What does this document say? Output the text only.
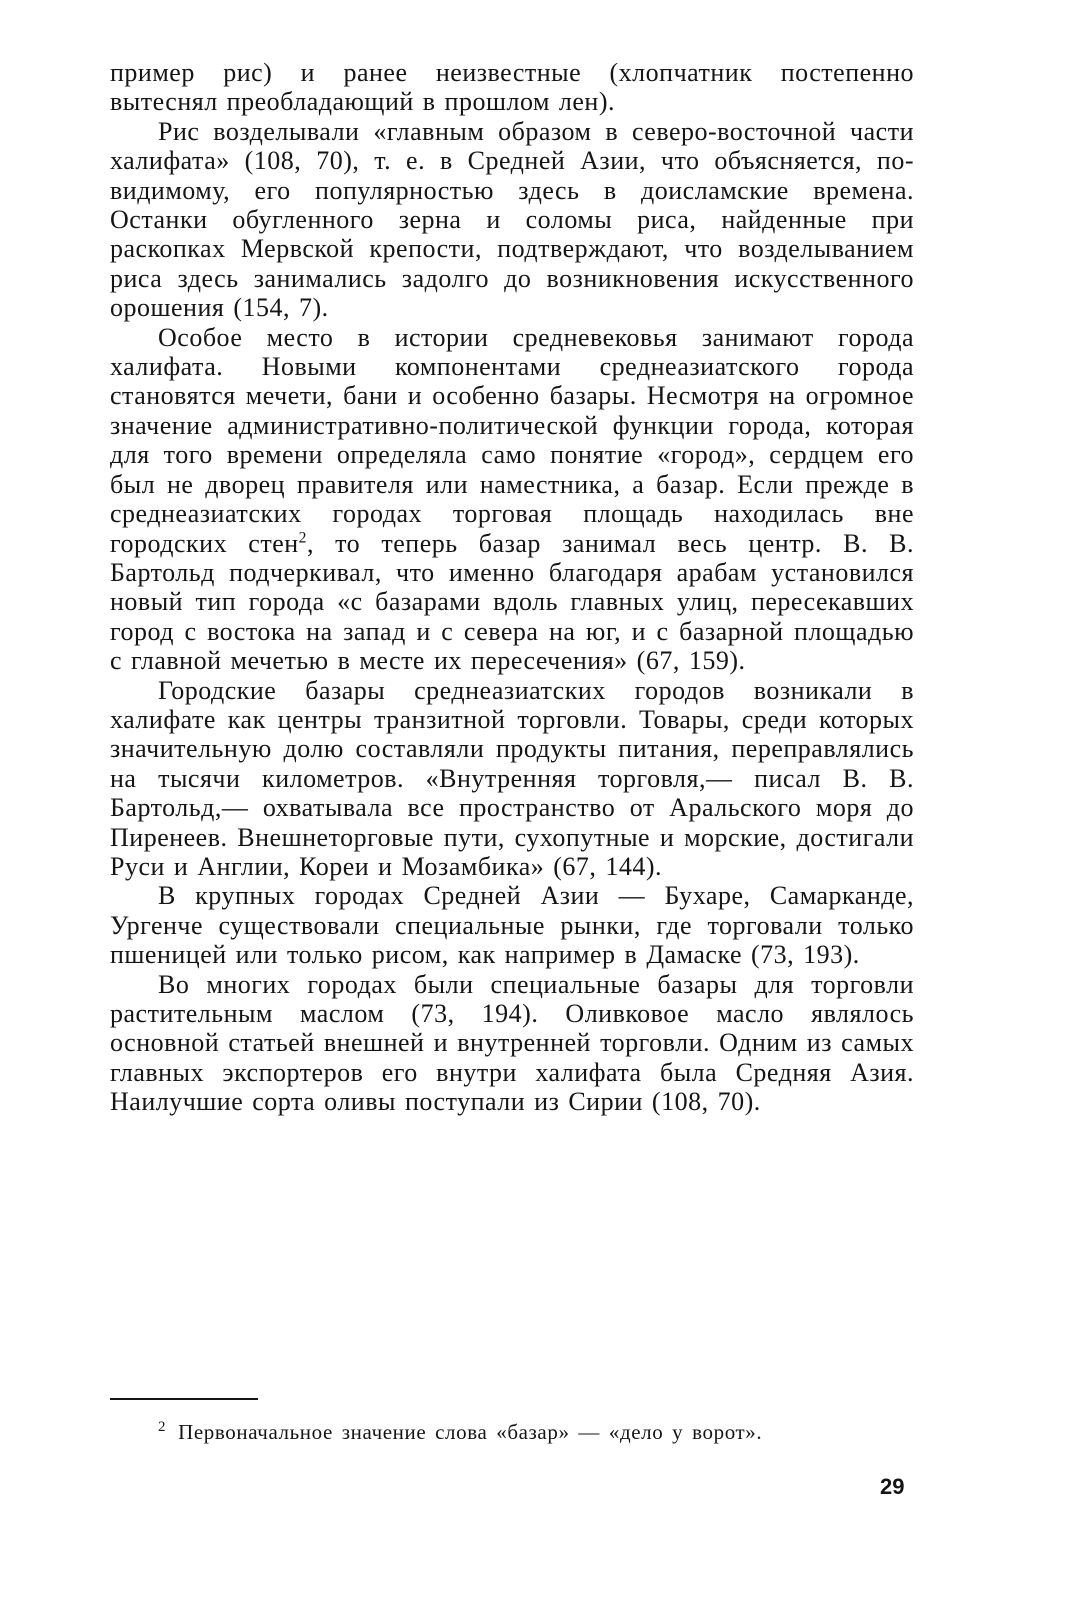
пример рис) и ранее неизвестные (хлопчатник постепенно вытеснял преобладающий в прошлом лен).

Рис возделывали «главным образом в северо-восточной части халифата» (108, 70), т. е. в Средней Азии, что объясняется, по-видимому, его популярностью здесь в доисламские времена. Останки обугленного зерна и соломы риса, найденные при раскопках Мервской крепости, подтверждают, что возделыванием риса здесь занимались задолго до возникновения искусственного орошения (154, 7).

Особое место в истории средневековья занимают города халифата. Новыми компонентами среднеазиатского города становятся мечети, бани и особенно базары. Несмотря на огромное значение административно-политической функции города, которая для того времени определяла само понятие «город», сердцем его был не дворец правителя или наместника, а базар. Если прежде в среднеазиатских городах торговая площадь находилась вне городских стен$^2$, то теперь базар занимал весь центр. В. В. Бартольд подчеркивал, что именно благодаря арабам установился новый тип города «с базарами вдоль главных улиц, пересекавших город с востока на запад и с севера на юг, и с базарной площадью с главной мечетью в месте их пересечения» (67, 159).

Городские базары среднеазиатских городов возникали в халифате как центры транзитной торговли. Товары, среди которых значительную долю составляли продукты питания, переправлялись на тысячи километров. «Внутренняя торговля,— писал В. В. Бартольд,— охватывала все пространство от Аральского моря до Пиренеев. Внешнеторговые пути, сухопутные и морские, достигали Руси и Англии, Кореи и Мозамбика» (67, 144).

В крупных городах Средней Азии — Бухаре, Самарканде, Ургенче существовали специальные рынки, где торговали только пшеницей или только рисом, как например в Дамаске (73, 193).

Во многих городах были специальные базары для торговли растительным маслом (73, 194). Оливковое масло являлось основной статьей внешней и внутренней торговли. Одним из самых главных экспортеров его внутри халифата была Средняя Азия. Наилучшие сорта оливы поступали из Сирии (108, 70).

$^2$ Первоначальное значение слова «базар» — «дело у ворот».
29
